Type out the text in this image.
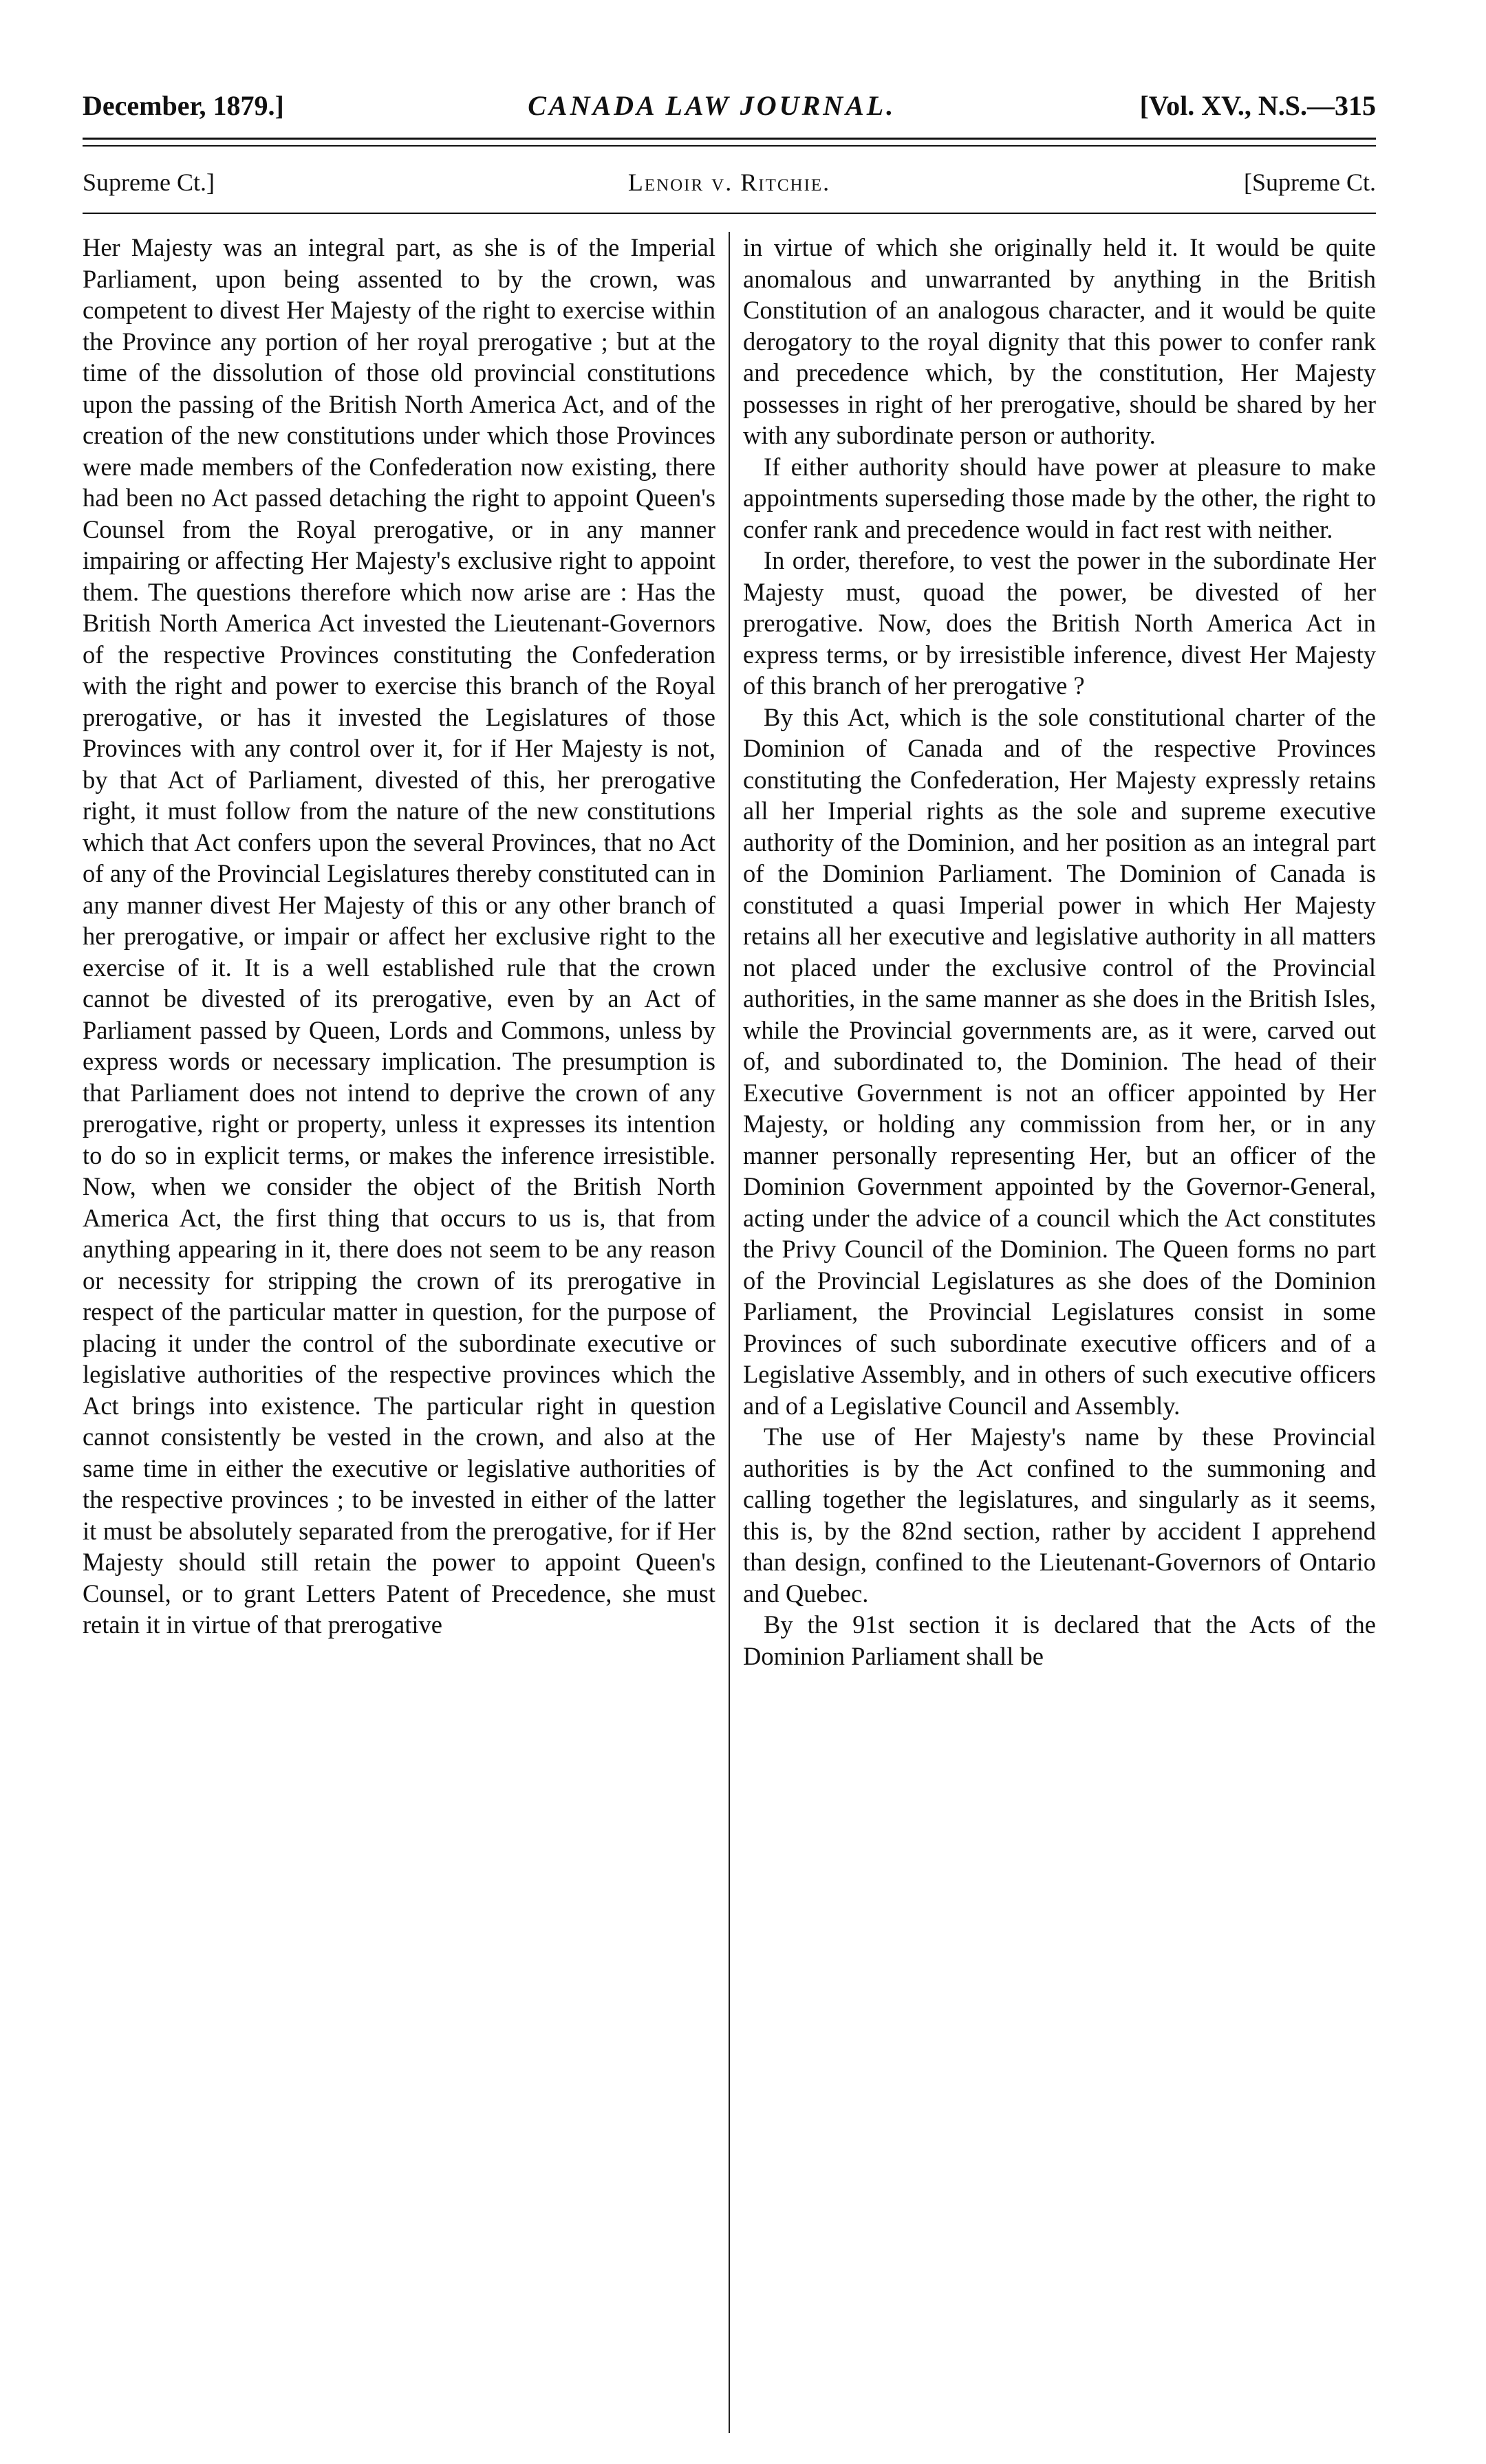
December, 1879.]	CANADA LAW JOURNAL.	[Vol. XV., N.S.—315
Supreme Ct.]	Lenoir v. Ritchie.	[Supreme Ct.

Her Majesty was an integral part, as she is of the Imperial Parliament, upon being assented to by the crown, was competent to divest Her Majesty of the right to exercise within the Province any portion of her royal prerogative ; but at the time of the dissolution of those old provincial constitutions upon the passing of the British North America Act, and of the creation of the new constitutions under which those Provinces were made members of the Confederation now existing, there had been no Act passed detaching the right to appoint Queen's Counsel from the Royal prerogative, or in any manner impairing or affecting Her Majesty's exclusive right to appoint them. The questions therefore which now arise are : Has the British North America Act invested the Lieutenant-Governors of the respective Provinces constituting the Confederation with the right and power to exercise this branch of the Royal prerogative, or has it invested the Legislatures of those Provinces with any control over it, for if Her Majesty is not, by that Act of Parliament, divested of this, her prerogative right, it must follow from the nature of the new constitutions which that Act confers upon the several Provinces, that no Act of any of the Provincial Legislatures thereby constituted can in any manner divest Her Majesty of this or any other branch of her prerogative, or impair or affect her exclusive right to the exercise of it. It is a well established rule that the crown cannot be divested of its prerogative, even by an Act of Parliament passed by Queen, Lords and Commons, unless by express words or necessary implication. The presumption is that Parliament does not intend to deprive the crown of any prerogative, right or property, unless it expresses its intention to do so in explicit terms, or makes the inference irresistible. Now, when we consider the object of the British North America Act, the first thing that occurs to us is, that from anything appearing in it, there does not seem to be any reason or necessity for stripping the crown of its prerogative in respect of the particular matter in question, for the purpose of placing it under the control of the subordinate executive or legislative authorities of the respective provinces which the Act brings into existence. The particular right in question cannot consistently be vested in the crown, and also at the same time in either the executive or legislative authorities of the respective provinces ; to be invested in either of the latter it must be absolutely separated from the prerogative, for if Her Majesty should still retain the power to appoint Queen's Counsel, or to grant Letters Patent of Precedence, she must retain it in virtue of that prerogative

in virtue of which she originally held it. It would be quite anomalous and unwarranted by anything in the British Constitution of an analogous character, and it would be quite derogatory to the royal dignity that this power to confer rank and precedence which, by the constitution, Her Majesty possesses in right of her prerogative, should be shared by her with any subordinate person or authority.

If either authority should have power at pleasure to make appointments superseding those made by the other, the right to confer rank and precedence would in fact rest with neither.

In order, therefore, to vest the power in the subordinate Her Majesty must, quoad the power, be divested of her prerogative. Now, does the British North America Act in express terms, or by irresistible inference, divest Her Majesty of this branch of her prerogative ?

By this Act, which is the sole constitutional charter of the Dominion of Canada and of the respective Provinces constituting the Confederation, Her Majesty expressly retains all her Imperial rights as the sole and supreme executive authority of the Dominion, and her position as an integral part of the Dominion Parliament. The Dominion of Canada is constituted a quasi Imperial power in which Her Majesty retains all her executive and legislative authority in all matters not placed under the exclusive control of the Provincial authorities, in the same manner as she does in the British Isles, while the Provincial governments are, as it were, carved out of, and subordinated to, the Dominion. The head of their Executive Government is not an officer appointed by Her Majesty, or holding any commission from her, or in any manner personally representing Her, but an officer of the Dominion Government appointed by the Governor-General, acting under the advice of a council which the Act constitutes the Privy Council of the Dominion. The Queen forms no part of the Provincial Legislatures as she does of the Dominion Parliament, the Provincial Legislatures consist in some Provinces of such subordinate executive officers and of a Legislative Assembly, and in others of such executive officers and of a Legislative Council and Assembly.

The use of Her Majesty's name by these Provincial authorities is by the Act confined to the summoning and calling together the legislatures, and singularly as it seems, this is, by the 82nd section, rather by accident I apprehend than design, confined to the Lieutenant-Governors of Ontario and Quebec.

By the 91st section it is declared that the Acts of the Dominion Parliament shall be
